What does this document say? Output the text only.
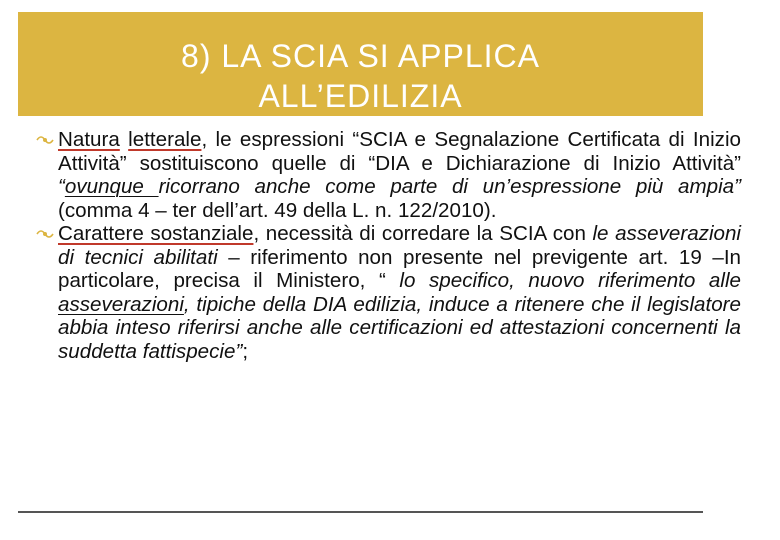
8) LA SCIA SI APPLICA
ALL’EDILIZIA

Natura letterale, le espressioni “SCIA e Segnalazione Certificata di Inizio Attività” sostituiscono quelle di “DIA e Dichiarazione di Inizio Attività” “ovunque ricorrano anche come parte di un’espressione più ampia” (comma 4 – ter dell’art. 49 della L. n. 122/2010).

Carattere sostanziale, necessità di corredare la SCIA con le asseverazioni di tecnici abilitati – riferimento non presente nel previgente art. 19 –In particolare, precisa il Ministero, “ lo specifico, nuovo riferimento alle asseverazioni, tipiche della DIA edilizia, induce a ritenere che il legislatore abbia inteso riferirsi anche alle certificazioni ed attestazioni concernenti la suddetta fattispecie”;
